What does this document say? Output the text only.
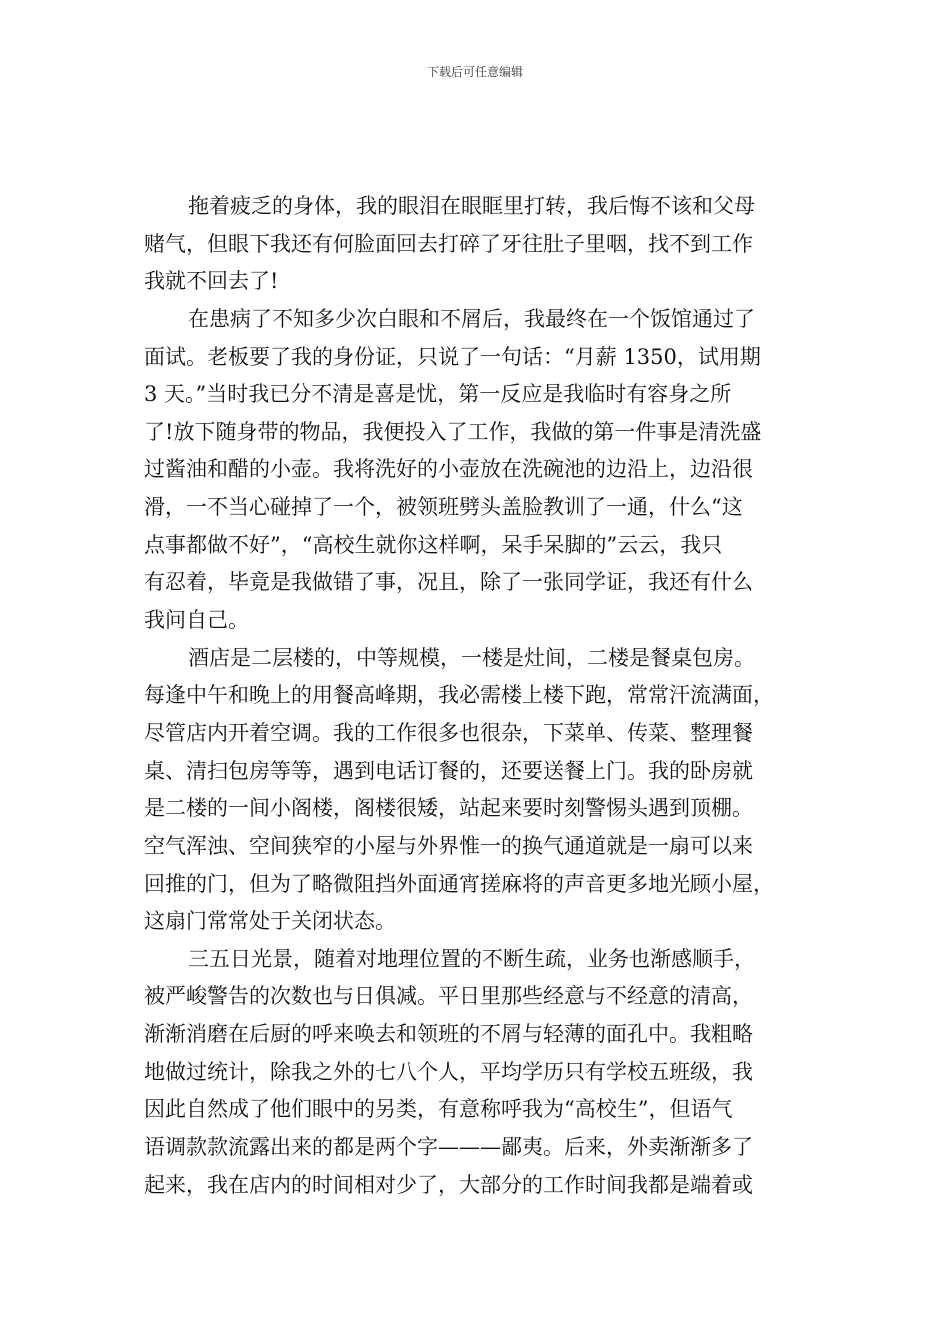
下载后可任意编辑
拖着疲乏的身体，我的眼泪在眼眶里打转，我后悔不该和父母
赌气，但眼下我还有何脸面回去打碎了牙往肚子里咽，找不到工作
我就不回去了!
在患病了不知多少次白眼和不屑后，我最终在一个饭馆通过了
面试。老板要了我的身份证，只说了一句话：“月薪 1350，试用期
3 天。”当时我已分不清是喜是忧，第一反应是我临时有容身之所
了!放下随身带的物品，我便投入了工作，我做的第一件事是清洗盛
过酱油和醋的小壶。我将洗好的小壶放在洗碗池的边沿上，边沿很
滑，一不当心碰掉了一个，被领班劈头盖脸教训了一通，什么“这
点事都做不好”，“高校生就你这样啊，呆手呆脚的”云云，我只
有忍着，毕竟是我做错了事，况且，除了一张同学证，我还有什么
我问自己。
酒店是二层楼的，中等规模，一楼是灶间，二楼是餐桌包房。
每逢中午和晚上的用餐高峰期，我必需楼上楼下跑，常常汗流满面，
尽管店内开着空调。我的工作很多也很杂，下菜单、传菜、整理餐
桌、清扫包房等等，遇到电话订餐的，还要送餐上门。我的卧房就
是二楼的一间小阁楼，阁楼很矮，站起来要时刻警惕头遇到顶棚。
空气浑浊、空间狭窄的小屋与外界惟一的换气通道就是一扇可以来
回推的门，但为了略微阻挡外面通宵搓麻将的声音更多地光顾小屋，
这扇门常常处于关闭状态。
三五日光景，随着对地理位置的不断生疏，业务也渐感顺手，
被严峻警告的次数也与日俱减。平日里那些经意与不经意的清高，
渐渐消磨在后厨的呼来唤去和领班的不屑与轻薄的面孔中。我粗略
地做过统计，除我之外的七八个人，平均学历只有学校五班级，我
因此自然成了他们眼中的另类，有意称呼我为“高校生”，但语气
语调款款流露出来的都是两个字———鄙夷。后来，外卖渐渐多了
起来，我在店内的时间相对少了，大部分的工作时间我都是端着或
